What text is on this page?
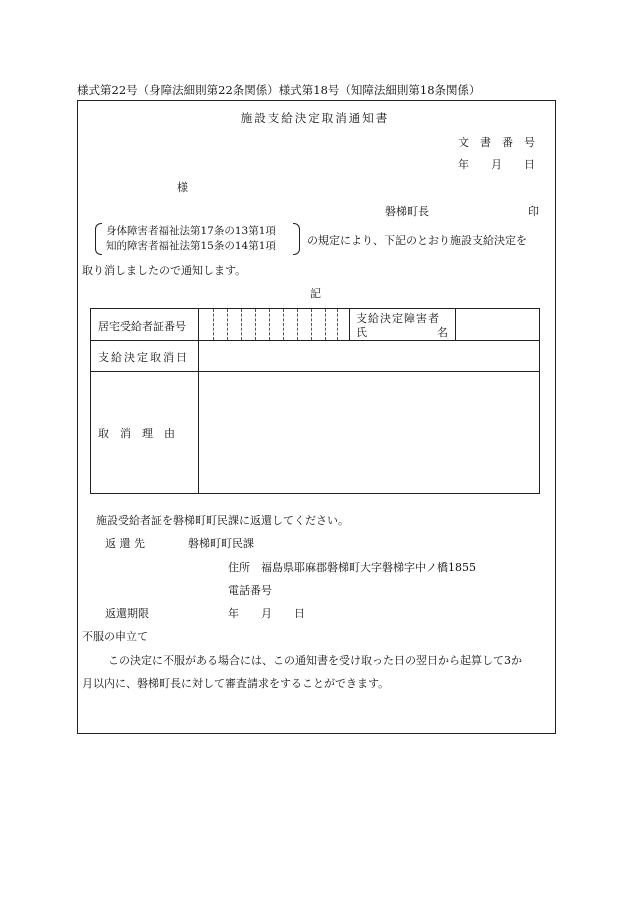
様式第22号（身障法細則第22条関係）様式第18号（知障法細則第18条関係）
施設支給決定取消通知書
文　書　番　号
年　　月　　日
様
磐梯町長	印
身体障害者福祉法第17条の13第1項
知的障害者福祉法第15条の14第1項	の規定により、下記のとおり施設支給決定を
取り消しましたので通知します。
記
居宅受給者証番号
支給決定障害者
氏	名
支給決定取消日
取　消　理　由
施設受給者証を磐梯町町民課に返還してください。
返 還 先	磐梯町町民課
住所　福島県耶麻郡磐梯町大字磐梯字中ノ橋1855
電話番号
返還期限	年　　月　　日
不服の申立て
この決定に不服がある場合には、この通知書を受け取った日の翌日から起算して3か
月以内に、磐梯町長に対して審査請求をすることができます。
